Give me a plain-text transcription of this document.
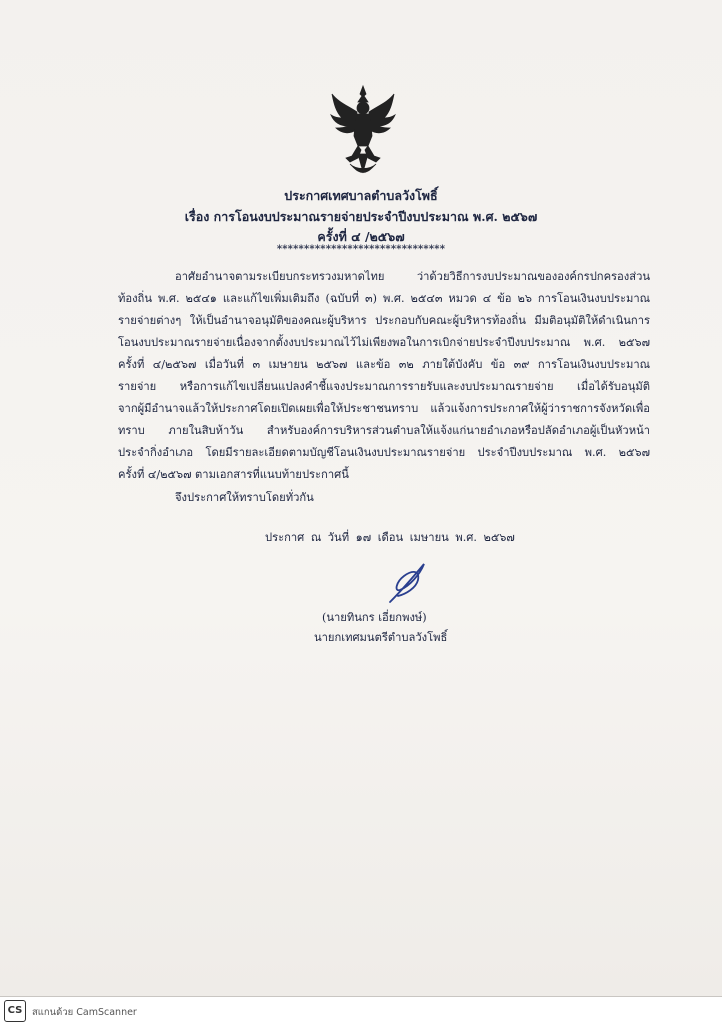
ประกาศเทศบาลตำบลวังโพธิ์
เรื่อง การโอนงบประมาณรายจ่ายประจำปีงบประมาณ พ.ศ. ๒๕๖๗
ครั้งที่ ๔ /๒๕๖๗
*******************************
อาศัยอำนาจตามระเบียบกระทรวงมหาดไทย ว่าด้วยวิธีการงบประมาณขององค์กรปกครองส่วน
ท้องถิ่น พ.ศ. ๒๕๔๑ และแก้ไขเพิ่มเติมถึง (ฉบับที่ ๓) พ.ศ. ๒๕๔๓ หมวด ๔ ข้อ ๒๖ การโอนเงินงบประมาณ
รายจ่ายต่างๆ ให้เป็นอำนาจอนุมัติของคณะผู้บริหาร ประกอบกับคณะผู้บริหารท้องถิ่น มีมติอนุมัติให้ดำเนินการ
โอนงบประมาณรายจ่ายเนื่องจากตั้งงบประมาณไว้ไม่เพียงพอในการเบิกจ่ายประจำปีงบประมาณ พ.ศ. ๒๕๖๗
ครั้งที่ ๔/๒๕๖๗ เมื่อวันที่ ๓ เมษายน ๒๕๖๗ และข้อ ๓๒ ภายใต้บังคับ ข้อ ๓๙ การโอนเงินงบประมาณ
รายจ่าย หรือการแก้ไขเปลี่ยนแปลงคำชี้แจงประมาณการรายรับและงบประมาณรายจ่าย เมื่อได้รับอนุมัติ
จากผู้มีอำนาจแล้วให้ประกาศโดยเปิดเผยเพื่อให้ประชาชนทราบ แล้วแจ้งการประกาศให้ผู้ว่าราชการจังหวัดเพื่อ
ทราบ ภายในสิบห้าวัน สำหรับองค์การบริหารส่วนตำบลให้แจ้งแก่นายอำเภอหรือปลัดอำเภอผู้เป็นหัวหน้า
ประจำกิ่งอำเภอ โดยมีรายละเอียดตามบัญชีโอนเงินงบประมาณรายจ่าย ประจำปีงบประมาณ พ.ศ. ๒๕๖๗
ครั้งที่ ๔/๒๕๖๗ ตามเอกสารที่แนบท้ายประกาศนี้
จึงประกาศให้ทราบโดยทั่วกัน
ประกาศ ณ วันที่ ๑๗ เดือน เมษายน พ.ศ. ๒๕๖๗
(นายทินกร เอี่ยกพงษ์)
นายกเทศมนตรีตำบลวังโพธิ์
CS	สแกนด้วย CamScanner
